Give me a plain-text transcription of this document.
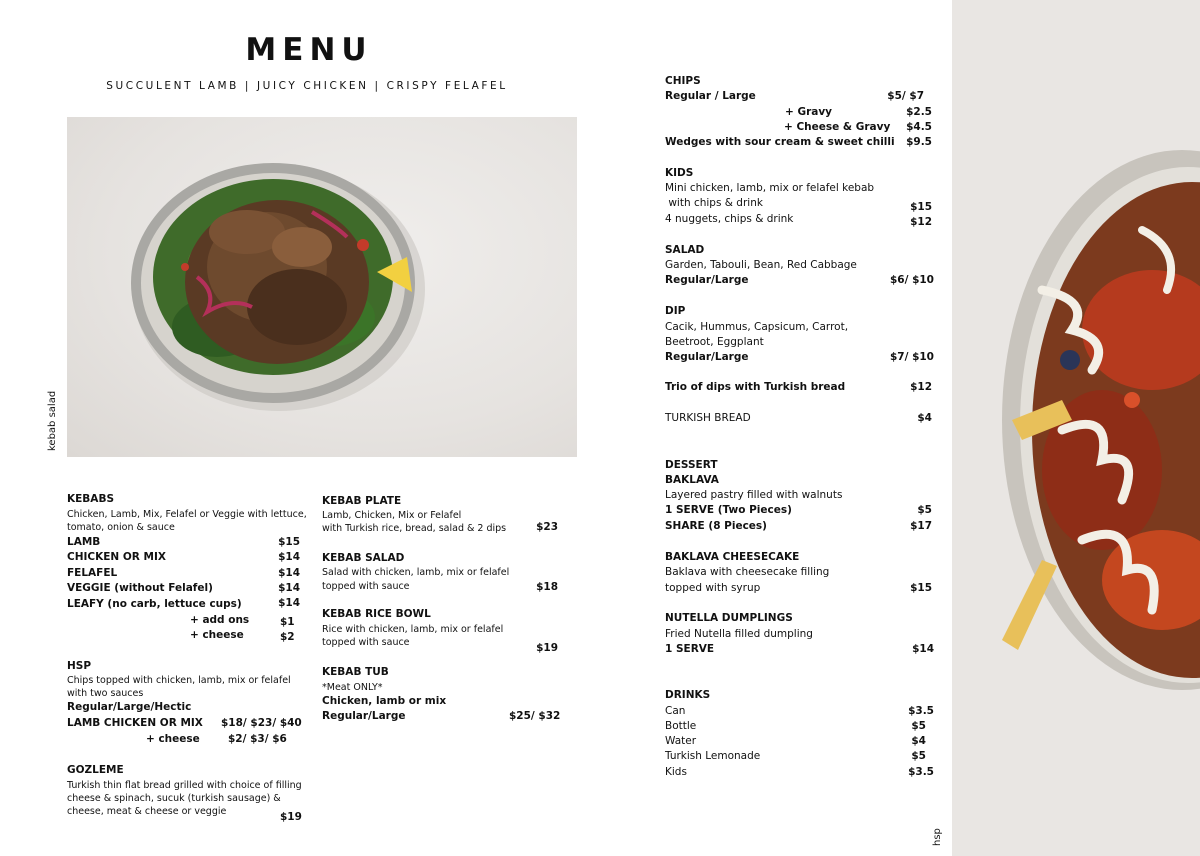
MENU
SUCCULENT LAMB | JUICY CHICKEN | CRISPY FELAFEL
kebab salad
KEBABS
Chicken, Lamb, Mix, Felafel or Veggie with lettuce, tomato, onion & sauce
LAMB	$15
CHICKEN OR MIX	$14
FELAFEL	$14
VEGGIE (without Felafel)	$14
LEAFY (no carb, lettuce cups)	$14
+ add ons	$1
+ cheese	$2
HSP
Chips topped with chicken, lamb, mix or felafel with two sauces
Regular/Large/Hectic
LAMB CHICKEN OR MIX $18/ $23/ $40
+ cheese	$2/ $3/ $6
GOZLEME
Turkish thin flat bread grilled with choice of filling cheese & spinach, sucuk (turkish sausage) & cheese, meat & cheese or veggie	$19
KEBAB PLATE
Lamb, Chicken, Mix or Felafel
with Turkish rice, bread, salad & 2 dips	$23
KEBAB SALAD
Salad with chicken, lamb, mix or felafel
topped with sauce	$18
KEBAB RICE BOWL
Rice with chicken, lamb, mix or felafel
topped with sauce	$19
KEBAB TUB
*Meat ONLY*
Chicken, lamb or mix
Regular/Large	$25/ $32
CHIPS
Regular / Large	$5/ $7
+ Gravy	$2.5
+ Cheese & Gravy	$4.5
Wedges with sour cream & sweet chilli	$9.5
KIDS
Mini chicken, lamb, mix or felafel kebab
with chips & drink	$15
4 nuggets, chips & drink	$12
SALAD
Garden, Tabouli, Bean, Red Cabbage
Regular/Large	$6/ $10
DIP
Cacik, Hummus, Capsicum, Carrot,
Beetroot, Eggplant
Regular/Large	$7/ $10
Trio of dips with Turkish bread	$12
TURKISH BREAD	$4
DESSERT
BAKLAVA
Layered pastry filled with walnuts
1 SERVE (Two Pieces)	$5
SHARE (8 Pieces)	$17
BAKLAVA CHEESECAKE
Baklava with cheesecake filling
topped with syrup	$15
NUTELLA DUMPLINGS
Fried Nutella filled dumpling
1 SERVE	$14
DRINKS
Can	$3.5
Bottle	$5
Water	$4
Turkish Lemonade	$5
Kids	$3.5
hsp
